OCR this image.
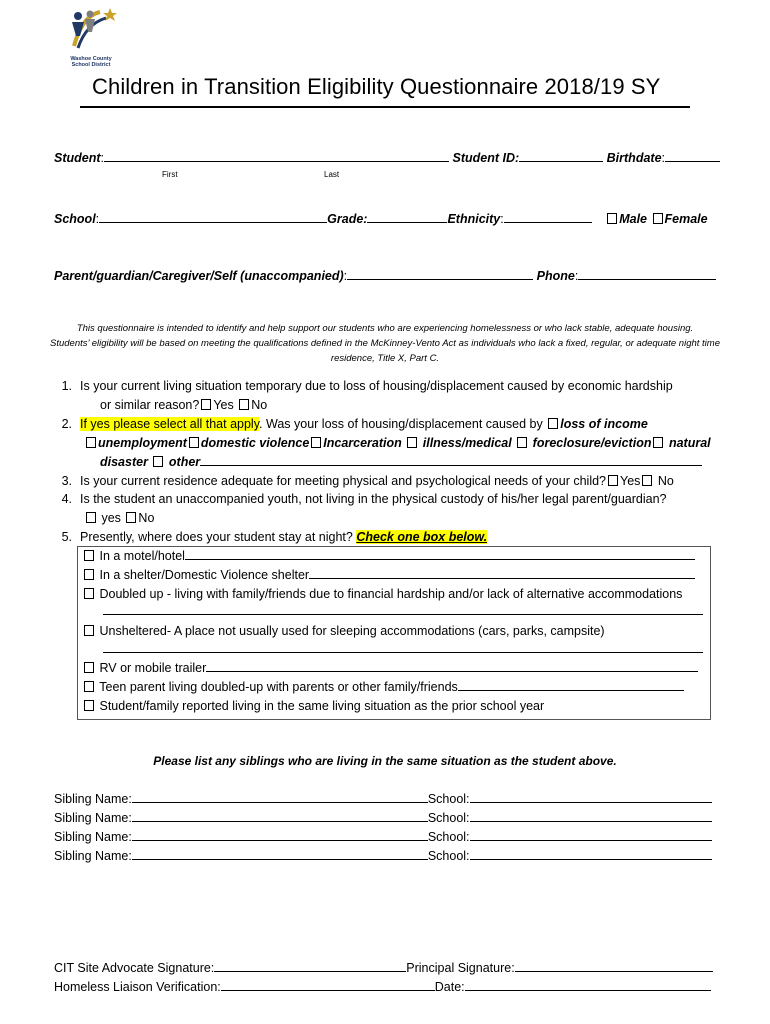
Washoe County
School District
Children in Transition Eligibility Questionnaire 2018/19 SY
Student:	Student ID:	Birthdate:
First	Last
School:	Grade:	Ethnicity:	Male Female
Parent/guardian/Caregiver/Self (unaccompanied):	Phone:
This questionnaire is intended to identify and help support our students who are experiencing homelessness or who lack stable, adequate housing.
Students’ eligibility will be based on meeting the qualifications defined in the McKinney-Vento Act as individuals who lack a fixed, regular, or adequate night time
residence, Title X, Part C.
1. Is your current living situation temporary due to loss of housing/displacement caused by economic hardship
or similar reason? Yes No
2. If yes please select all that apply. Was your loss of housing/displacement caused by loss of income
unemployment domestic violence Incarceration illness/medical foreclosure/eviction natural
disaster other
3. Is your current residence adequate for meeting physical and psychological needs of your child? Yes No
4. Is the student an unaccompanied youth, not living in the physical custody of his/her legal parent/guardian?
yes No
5. Presently, where does your student stay at night? Check one box below.
In a motel/hotel
In a shelter/Domestic Violence shelter
Doubled up - living with family/friends due to financial hardship and/or lack of alternative accommodations
Unsheltered- A place not usually used for sleeping accommodations (cars, parks, campsite)
RV or mobile trailer
Teen parent living doubled-up with parents or other family/friends
Student/family reported living in the same living situation as the prior school year
Please list any siblings who are living in the same situation as the student above.
Sibling Name:	School:
Sibling Name:	School:
Sibling Name:	School:
Sibling Name:	School:
CIT Site Advocate Signature:	Principal Signature:
Homeless Liaison Verification:	Date:
